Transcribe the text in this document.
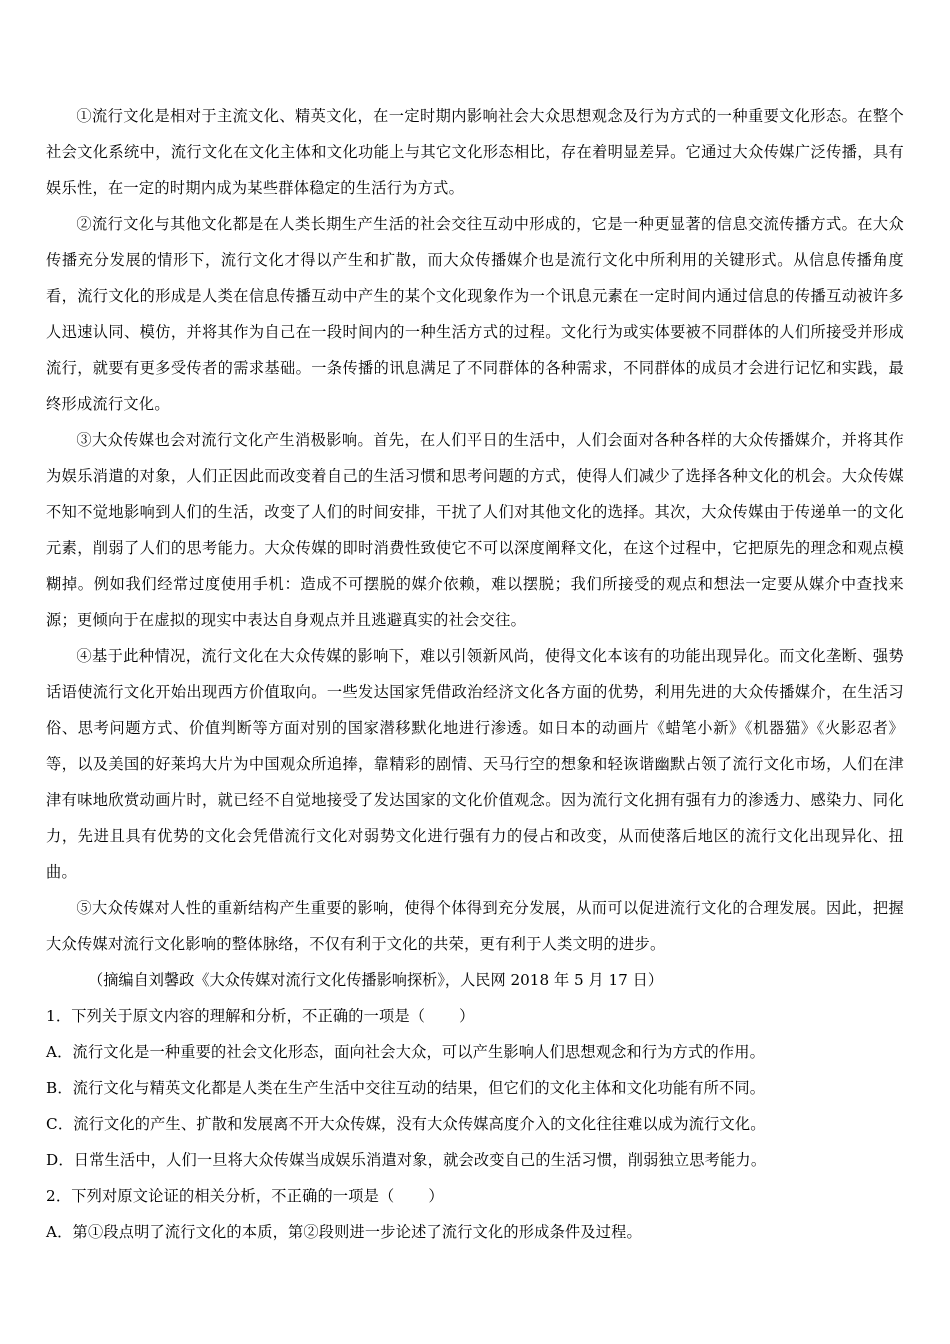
①流行文化是相对于主流文化、精英文化，在一定时期内影响社会大众思想观念及行为方式的一种重要文化形态。在整个社会文化系统中，流行文化在文化主体和文化功能上与其它文化形态相比，存在着明显差异。它通过大众传媒广泛传播，具有娱乐性，在一定的时期内成为某些群体稳定的生活行为方式。

②流行文化与其他文化都是在人类长期生产生活的社会交往互动中形成的，它是一种更显著的信息交流传播方式。在大众传播充分发展的情形下，流行文化才得以产生和扩散，而大众传播媒介也是流行文化中所利用的关键形式。从信息传播角度看，流行文化的形成是人类在信息传播互动中产生的某个文化现象作为一个讯息元素在一定时间内通过信息的传播互动被许多人迅速认同、模仿，并将其作为自己在一段时间内的一种生活方式的过程。文化行为或实体要被不同群体的人们所接受并形成流行，就要有更多受传者的需求基础。一条传播的讯息满足了不同群体的各种需求，不同群体的成员才会进行记忆和实践，最终形成流行文化。

③大众传媒也会对流行文化产生消极影响。首先，在人们平日的生活中，人们会面对各种各样的大众传播媒介，并将其作为娱乐消遣的对象，人们正因此而改变着自己的生活习惯和思考问题的方式，使得人们减少了选择各种文化的机会。大众传媒不知不觉地影响到人们的生活，改变了人们的时间安排，干扰了人们对其他文化的选择。其次，大众传媒由于传递单一的文化元素，削弱了人们的思考能力。大众传媒的即时消费性致使它不可以深度阐释文化，在这个过程中，它把原先的理念和观点模糊掉。例如我们经常过度使用手机：造成不可摆脱的媒介依赖，难以摆脱；我们所接受的观点和想法一定要从媒介中查找来源；更倾向于在虚拟的现实中表达自身观点并且逃避真实的社会交往。

④基于此种情况，流行文化在大众传媒的影响下，难以引领新风尚，使得文化本该有的功能出现异化。而文化垄断、强势话语使流行文化开始出现西方价值取向。一些发达国家凭借政治经济文化各方面的优势，利用先进的大众传播媒介，在生活习俗、思考问题方式、价值判断等方面对别的国家潜移默化地进行渗透。如日本的动画片《蜡笔小新》《机器猫》《火影忍者》等，以及美国的好莱坞大片为中国观众所追捧，靠精彩的剧情、天马行空的想象和轻诙谐幽默占领了流行文化市场，人们在津津有味地欣赏动画片时，就已经不自觉地接受了发达国家的文化价值观念。因为流行文化拥有强有力的渗透力、感染力、同化力，先进且具有优势的文化会凭借流行文化对弱势文化进行强有力的侵占和改变，从而使落后地区的流行文化出现异化、扭曲。

⑤大众传媒对人性的重新结构产生重要的影响，使得个体得到充分发展，从而可以促进流行文化的合理发展。因此，把握大众传媒对流行文化影响的整体脉络，不仅有利于文化的共荣，更有利于人类文明的进步。

（摘编自刘馨政《大众传媒对流行文化传播影响探析》，人民网 2018 年 5 月 17 日）

1．下列关于原文内容的理解和分析，不正确的一项是（ ）

A．流行文化是一种重要的社会文化形态，面向社会大众，可以产生影响人们思想观念和行为方式的作用。

B．流行文化与精英文化都是人类在生产生活中交往互动的结果，但它们的文化主体和文化功能有所不同。

C．流行文化的产生、扩散和发展离不开大众传媒，没有大众传媒高度介入的文化往往难以成为流行文化。

D．日常生活中，人们一旦将大众传媒当成娱乐消遣对象，就会改变自己的生活习惯，削弱独立思考能力。

2．下列对原文论证的相关分析，不正确的一项是（ ）

A．第①段点明了流行文化的本质，第②段则进一步论述了流行文化的形成条件及过程。
